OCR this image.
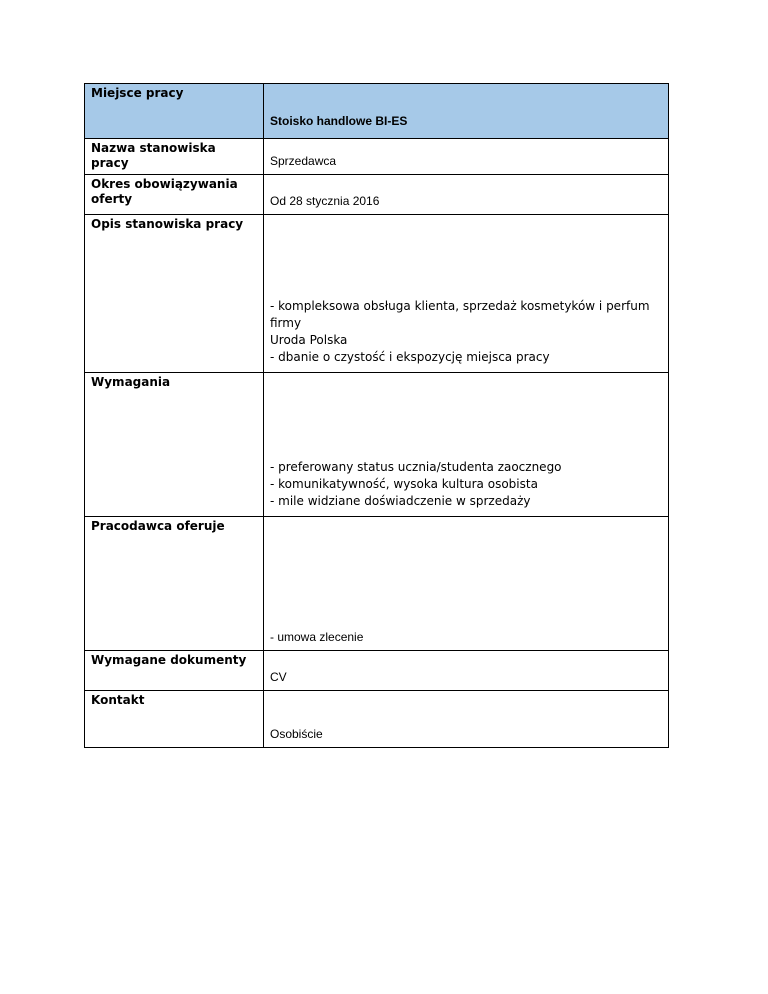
Miejsce pracy	Stoisko handlowe BI-ES
Nazwa stanowiska pracy	Sprzedawca
Okres obowiązywania oferty	Od 28 stycznia 2016
Opis stanowiska pracy	- kompleksowa obsługa klienta, sprzedaż kosmetyków i perfum firmy
Uroda Polska
- dbanie o czystość i ekspozycję miejsca pracy

Wymagania	- preferowany status ucznia/studenta zaocznego
- komunikatywność, wysoka kultura osobista
- mile widziane doświadczenie w sprzedaży

Pracodawca oferuje	- umowa zlecenie
Wymagane dokumenty	CV
Kontakt	Osobiście
